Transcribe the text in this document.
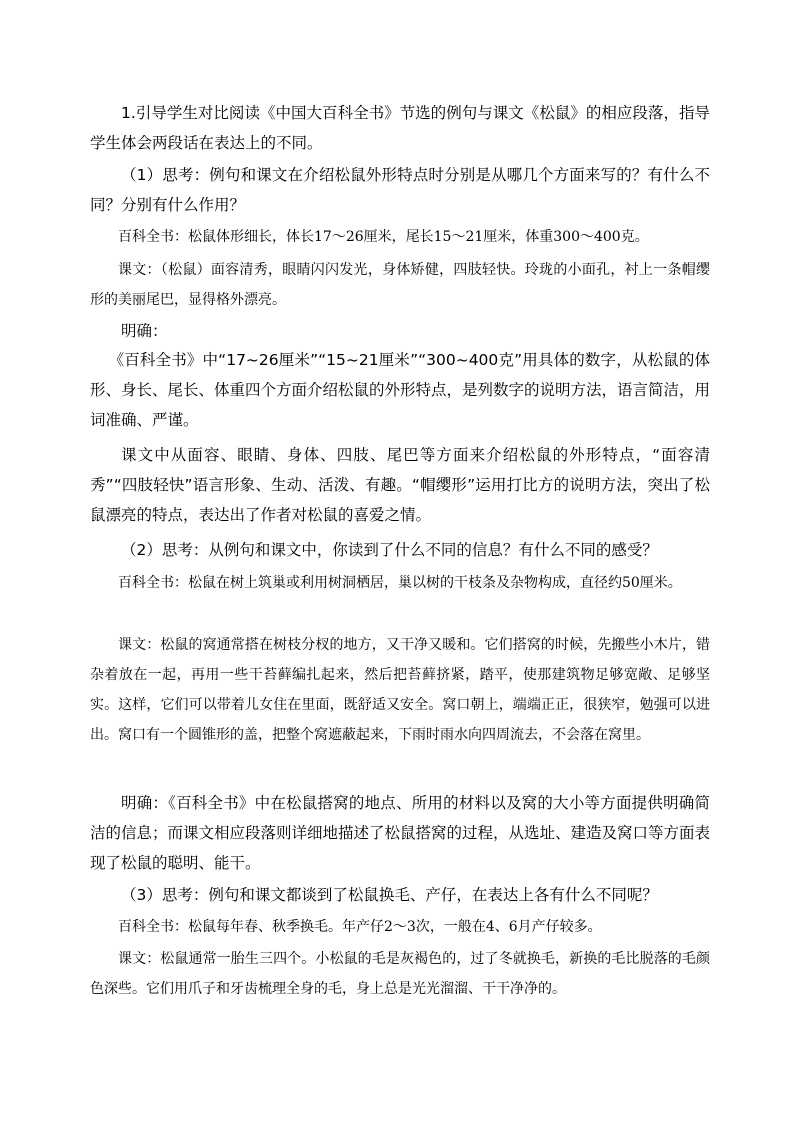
1.引导学生对比阅读《中国大百科全书》节选的例句与课文《松鼠》的相应段落，指导学生体会两段话在表达上的不同。

（1）思考：例句和课文在介绍松鼠外形特点时分别是从哪几个方面来写的？有什么不同？分别有什么作用？

百科全书：松鼠体形细长，体长17～26厘米，尾长15～21厘米，体重300～400克。

课文：（松鼠）面容清秀，眼睛闪闪发光，身体矫健，四肢轻快。玲珑的小面孔，衬上一条帽缨形的美丽尾巴，显得格外漂亮。

明确：

《百科全书》中“17~26厘米”“15~21厘米”“300~400克”用具体的数字，从松鼠的体形、身长、尾长、体重四个方面介绍松鼠的外形特点，是列数字的说明方法，语言简洁，用词准确、严谨。

课文中从面容、眼睛、身体、四肢、尾巴等方面来介绍松鼠的外形特点，“面容清秀”“四肢轻快”语言形象、生动、活泼、有趣。“帽缨形”运用打比方的说明方法，突出了松鼠漂亮的特点，表达出了作者对松鼠的喜爱之情。

（2）思考：从例句和课文中，你读到了什么不同的信息？有什么不同的感受？

百科全书：松鼠在树上筑巢或利用树洞栖居，巢以树的干枝条及杂物构成，直径约50厘米。

课文：松鼠的窝通常搭在树枝分杈的地方，又干净又暖和。它们搭窝的时候，先搬些小木片，错杂着放在一起，再用一些干苔藓编扎起来，然后把苔藓挤紧，踏平，使那建筑物足够宽敞、足够坚实。这样，它们可以带着儿女住在里面，既舒适又安全。窝口朝上，端端正正，很狭窄，勉强可以进出。窝口有一个圆锥形的盖，把整个窝遮蔽起来，下雨时雨水向四周流去，不会落在窝里。

明确：《百科全书》中在松鼠搭窝的地点、所用的材料以及窝的大小等方面提供明确简洁的信息；而课文相应段落则详细地描述了松鼠搭窝的过程，从选址、建造及窝口等方面表现了松鼠的聪明、能干。

（3）思考：例句和课文都谈到了松鼠换毛、产仔，在表达上各有什么不同呢？

百科全书：松鼠每年春、秋季换毛。年产仔2～3次，一般在4、6月产仔较多。

课文：松鼠通常一胎生三四个。小松鼠的毛是灰褐色的，过了冬就换毛，新换的毛比脱落的毛颜色深些。它们用爪子和牙齿梳理全身的毛，身上总是光光溜溜、干干净净的。
